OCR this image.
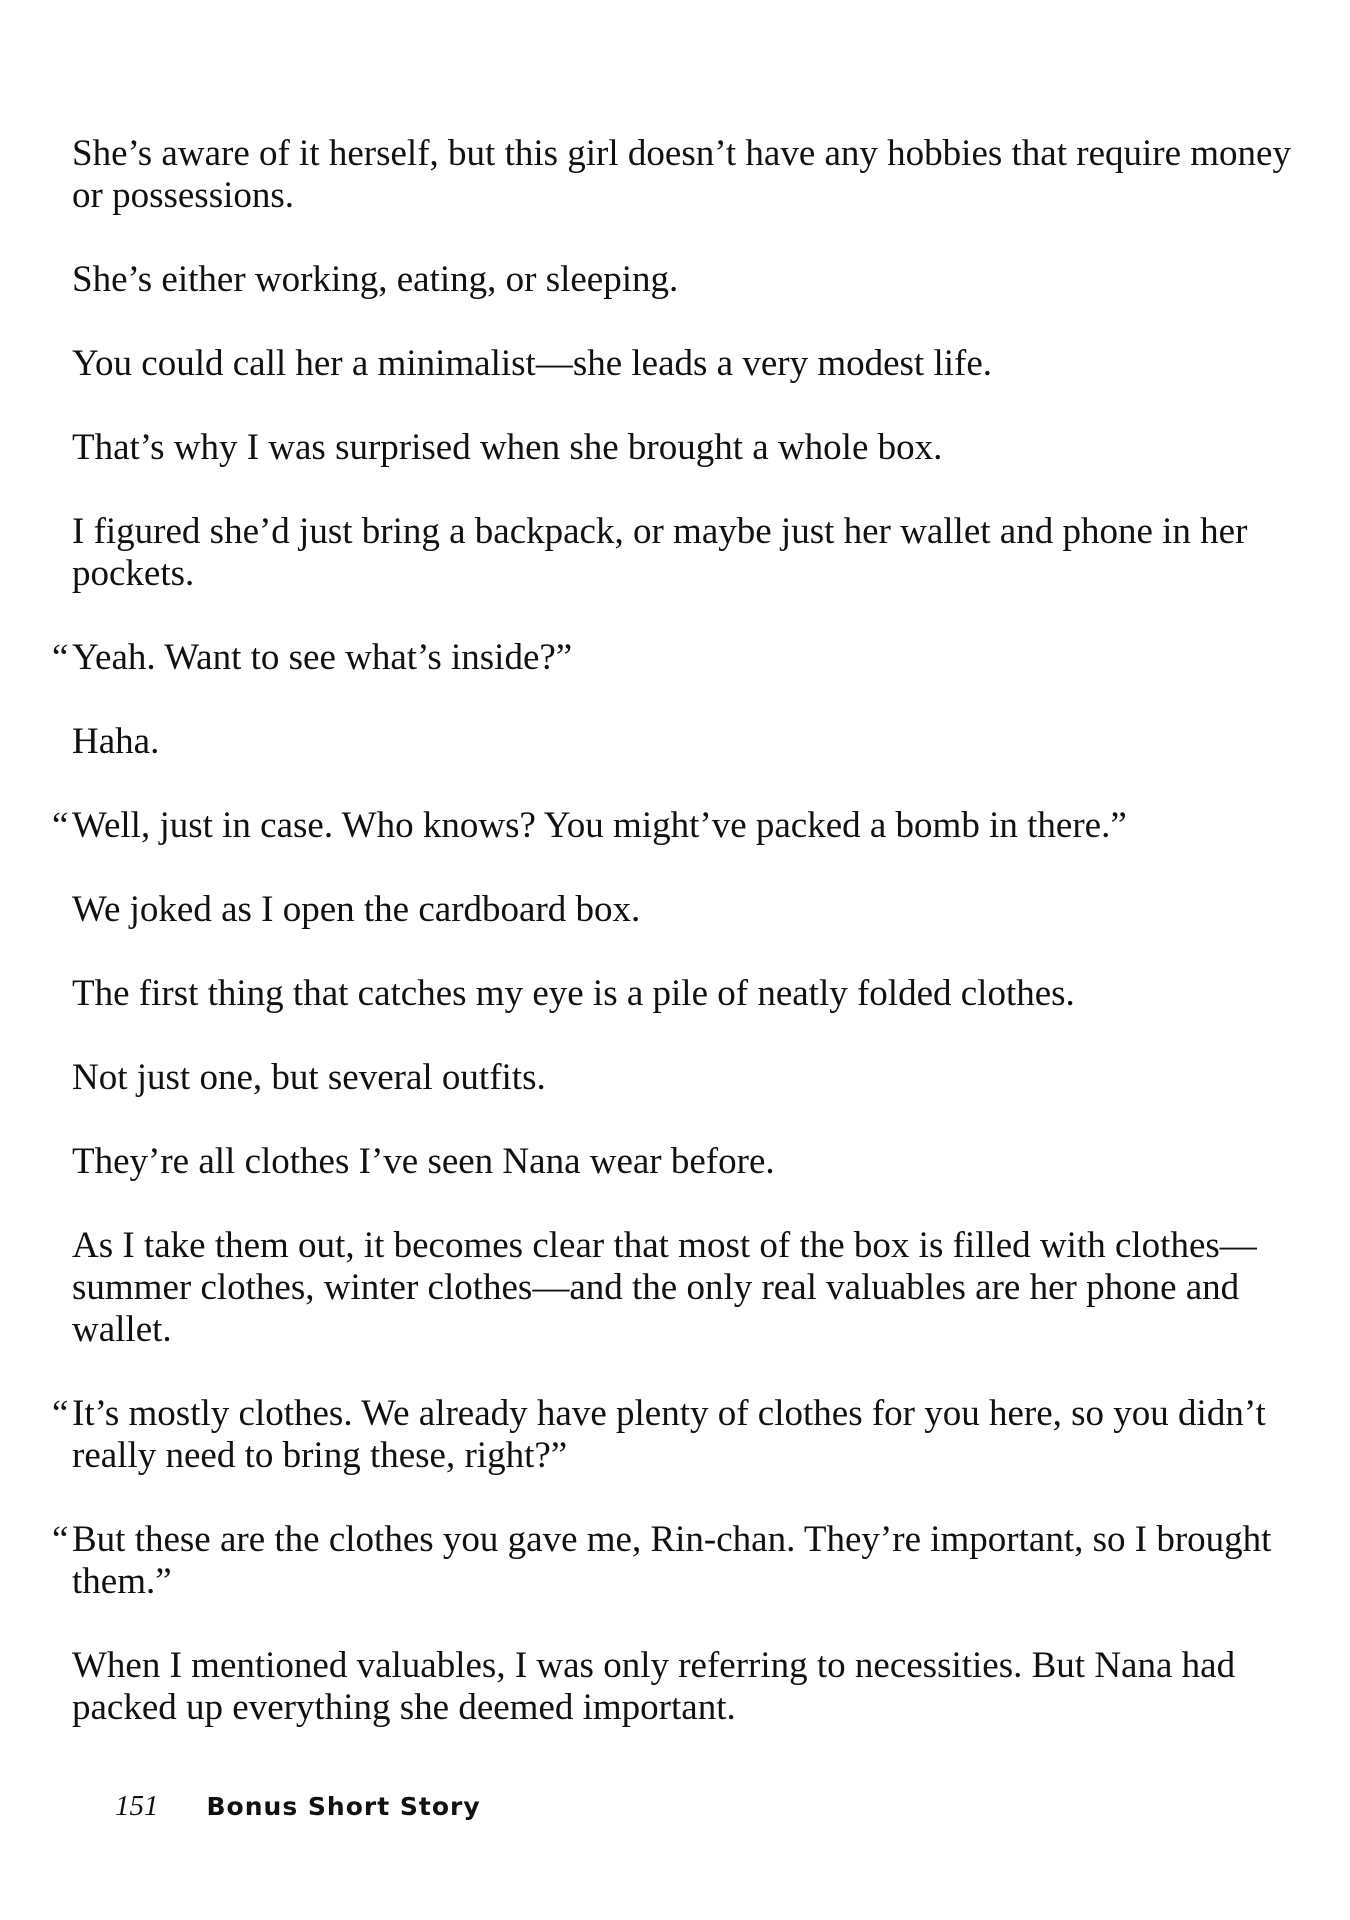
She’s aware of it herself, but this girl doesn’t have any hobbies that require money or possessions.

She’s either working, eating, or sleeping.

You could call her a minimalist—she leads a very modest life.

That’s why I was surprised when she brought a whole box.

I figured she’d just bring a backpack, or maybe just her wallet and phone in her pockets.

“ Yeah. Want to see what’s inside?”

Haha.

“ Well, just in case. Who knows? You might’ve packed a bomb in there.”

We joked as I open the cardboard box.

The first thing that catches my eye is a pile of neatly folded clothes.

Not just one, but several outfits.

They’re all clothes I’ve seen Nana wear before.

As I take them out, it becomes clear that most of the box is filled with clothes—summer clothes, winter clothes—and the only real valuables are her phone and wallet.

“ It’s mostly clothes. We already have plenty of clothes for you here, so you didn’t really need to bring these, right?”

“ But these are the clothes you gave me, Rin-chan. They’re important, so I brought them.”

When I mentioned valuables, I was only referring to necessities. But Nana had packed up everything she deemed important.

151 Bonus Short Story
